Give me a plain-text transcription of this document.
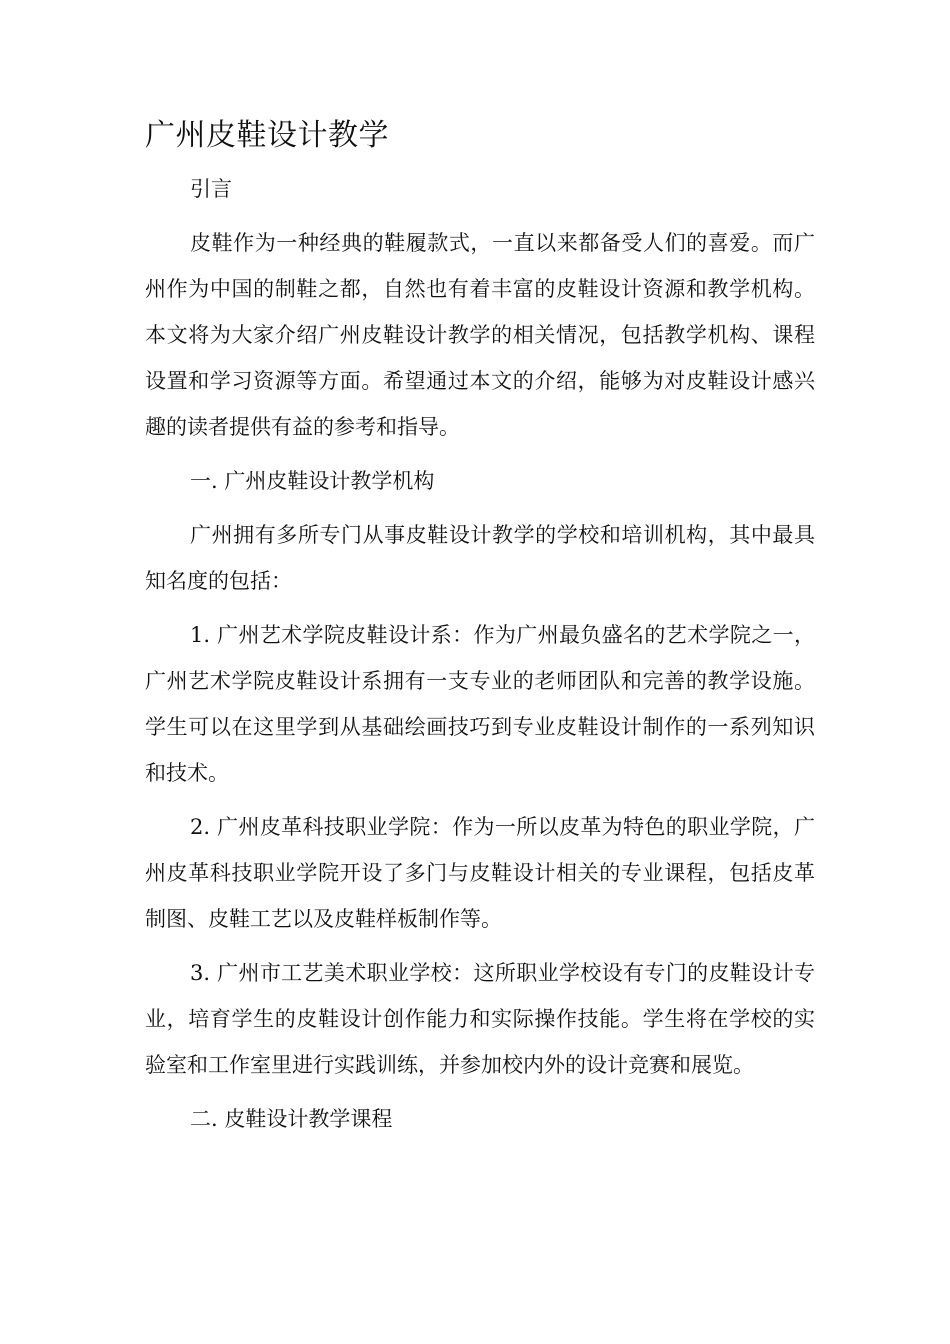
广州皮鞋设计教学

引言

皮鞋作为一种经典的鞋履款式，一直以来都备受人们的喜爱。而广州作为中国的制鞋之都，自然也有着丰富的皮鞋设计资源和教学机构。本文将为大家介绍广州皮鞋设计教学的相关情况，包括教学机构、课程设置和学习资源等方面。希望通过本文的介绍，能够为对皮鞋设计感兴趣的读者提供有益的参考和指导。

一. 广州皮鞋设计教学机构

广州拥有多所专门从事皮鞋设计教学的学校和培训机构，其中最具知名度的包括：

1. 广州艺术学院皮鞋设计系：作为广州最负盛名的艺术学院之一，广州艺术学院皮鞋设计系拥有一支专业的老师团队和完善的教学设施。学生可以在这里学到从基础绘画技巧到专业皮鞋设计制作的一系列知识和技术。

2. 广州皮革科技职业学院：作为一所以皮革为特色的职业学院，广州皮革科技职业学院开设了多门与皮鞋设计相关的专业课程，包括皮革制图、皮鞋工艺以及皮鞋样板制作等。

3. 广州市工艺美术职业学校：这所职业学校设有专门的皮鞋设计专业，培育学生的皮鞋设计创作能力和实际操作技能。学生将在学校的实验室和工作室里进行实践训练，并参加校内外的设计竞赛和展览。

二. 皮鞋设计教学课程
